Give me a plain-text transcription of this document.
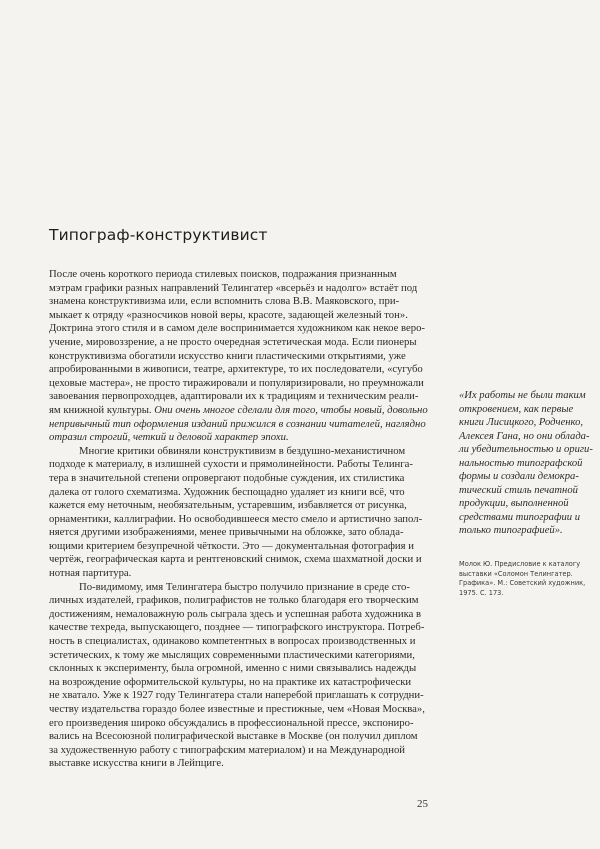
Типограф-конструктивист
После очень короткого периода стилевых поисков, подражания признанным
мэтрам графики разных направлений Телингатер «всерьёз и надолго» встаёт под
знамена конструктивизма или, если вспомнить слова В.В. Маяковского, при-
мыкает к отряду «разносчиков новой веры, красоте, задающей железный тон».
Доктрина этого стиля и в самом деле воспринимается художником как некое веро-
учение, мировоззрение, а не просто очередная эстетическая мода. Если пионеры
конструктивизма обогатили искусство книги пластическими открытиями, уже
апробированными в живописи, театре, архитектуре, то их последователи, «сугубо
цеховые мастера», не просто тиражировали и популяризировали, но преумножали
завоевания первопроходцев, адаптировали их к традициям и техническим реали-
ям книжной культуры. Они очень многое сделали для того, чтобы новый, довольно
непривычный тип оформления изданий прижился в сознании читателей, наглядно
отразил строгий, четкий и деловой характер эпохи.
Многие критики обвиняли конструктивизм в бездушно-механистичном
подходе к материалу, в излишней сухости и прямолинейности. Работы Телинга-
тера в значительной степени опровергают подобные суждения, их стилистика
далека от голого схематизма. Художник беспощадно удаляет из книги всё, что
кажется ему неточным, необязательным, устаревшим, избавляется от рисунка,
орнаментики, каллиграфии. Но освободившееся место смело и артистично запол-
няется другими изображениями, менее привычными на обложке, зато облада-
ющими критерием безупречной чёткости. Это — документальная фотография и
чертёж, географическая карта и рентгеновский снимок, схема шахматной доски и
нотная партитура.
По-видимому, имя Телингатера быстро получило признание в среде сто-
личных издателей, графиков, полиграфистов не только благодаря его творческим
достижениям, немаловажную роль сыграла здесь и успешная работа художника в
качестве техреда, выпускающего, позднее — типографского инструктора. Потреб-
ность в специалистах, одинаково компетентных в вопросах производственных и
эстетических, к тому же мыслящих современными пластическими категориями,
склонных к эксперименту, была огромной, именно с ними связывались надежды
на возрождение оформительской культуры, но на практике их катастрофически
не хватало. Уже к 1927 году Телингатера стали наперебой приглашать к сотрудни-
честву издательства гораздо более известные и престижные, чем «Новая Москва»,
его произведения широко обсуждались в профессиональной прессе, экспониро-
вались на Всесоюзной полиграфической выставке в Москве (он получил диплом
за художественную работу с типографским материалом) и на Международной
выставке искусства книги в Лейпциге.
«Их работы не были таким
откровением, как первые
книги Лисицкого, Родченко,
Алексея Гана, но они облада-
ли убедительностью и ориги-
нальностью типографской
формы и создали демокра-
тический стиль печатной
продукции, выполненной
средствами типографии и
только типографией».
Молок Ю. Предисловие к каталогу
выставки «Соломон Телингатер.
Графика». М.: Советский художник,
1975. С. 173.
25
